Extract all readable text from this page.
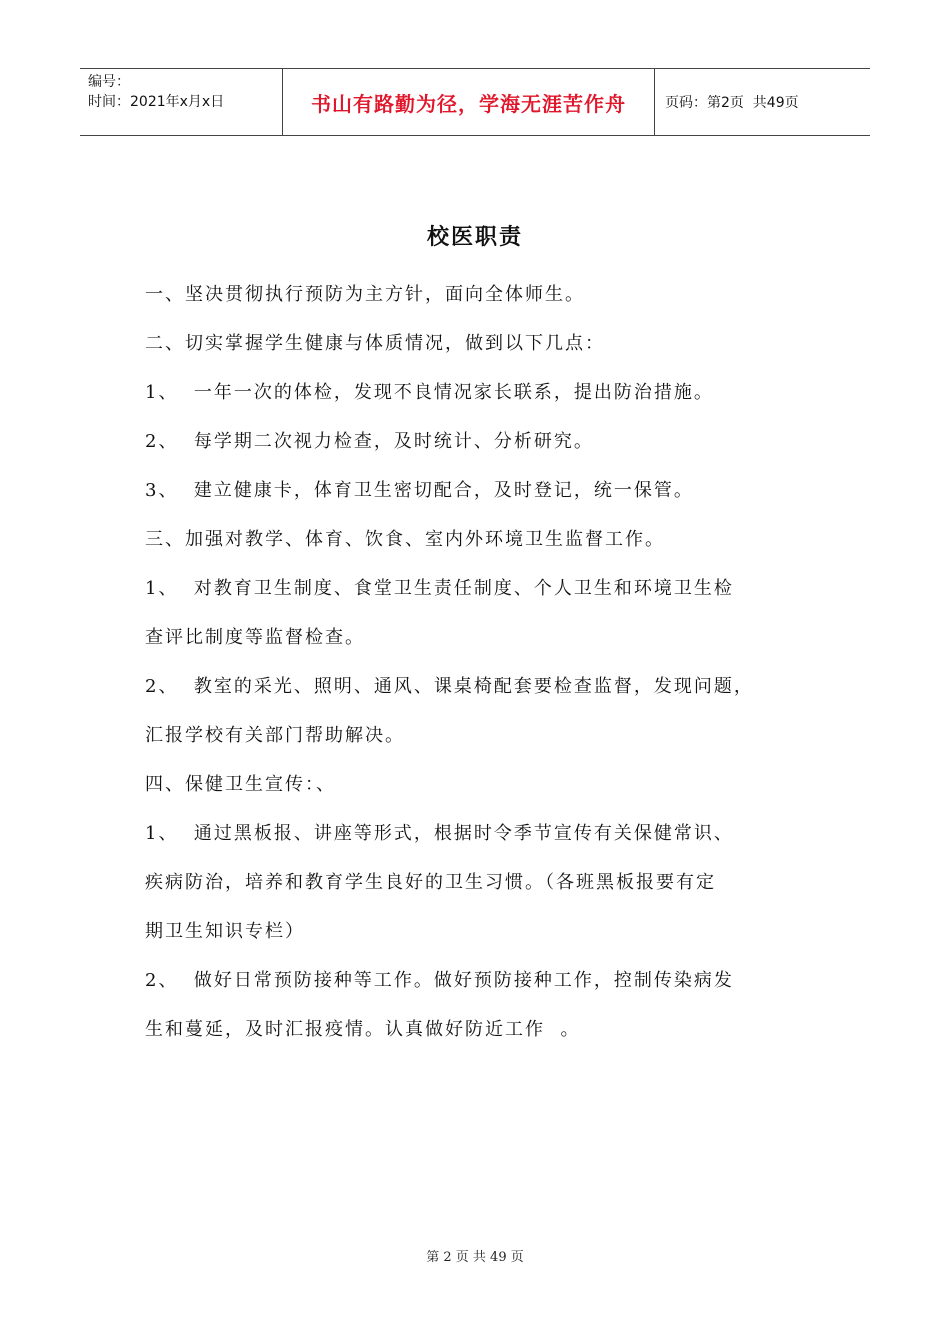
编号：
时间：2021年x月x日	书山有路勤为径，学海无涯苦作舟	页码：第2页  共49页
校医职责

一、坚决贯彻执行预防为主方针，面向全体师生。

二、切实掌握学生健康与体质情况，做到以下几点：

1、  一年一次的体检，发现不良情况家长联系，提出防治措施。

2、  每学期二次视力检查，及时统计、分析研究。

3、  建立健康卡，体育卫生密切配合，及时登记，统一保管。

三、加强对教学、体育、饮食、室内外环境卫生监督工作。

1、  对教育卫生制度、食堂卫生责任制度、个人卫生和环境卫生检

查评比制度等监督检查。

2、  教室的采光、照明、通风、课桌椅配套要检查监督，发现问题，

汇报学校有关部门帮助解决。

四、保健卫生宣传：、

1、  通过黑板报、讲座等形式，根据时令季节宣传有关保健常识、

疾病防治，培养和教育学生良好的卫生习惯。（各班黑板报要有定

期卫生知识专栏）

2、  做好日常预防接种等工作。做好预防接种工作，控制传染病发

生和蔓延，及时汇报疫情。认真做好防近工作  。

第 2 页 共 49 页
